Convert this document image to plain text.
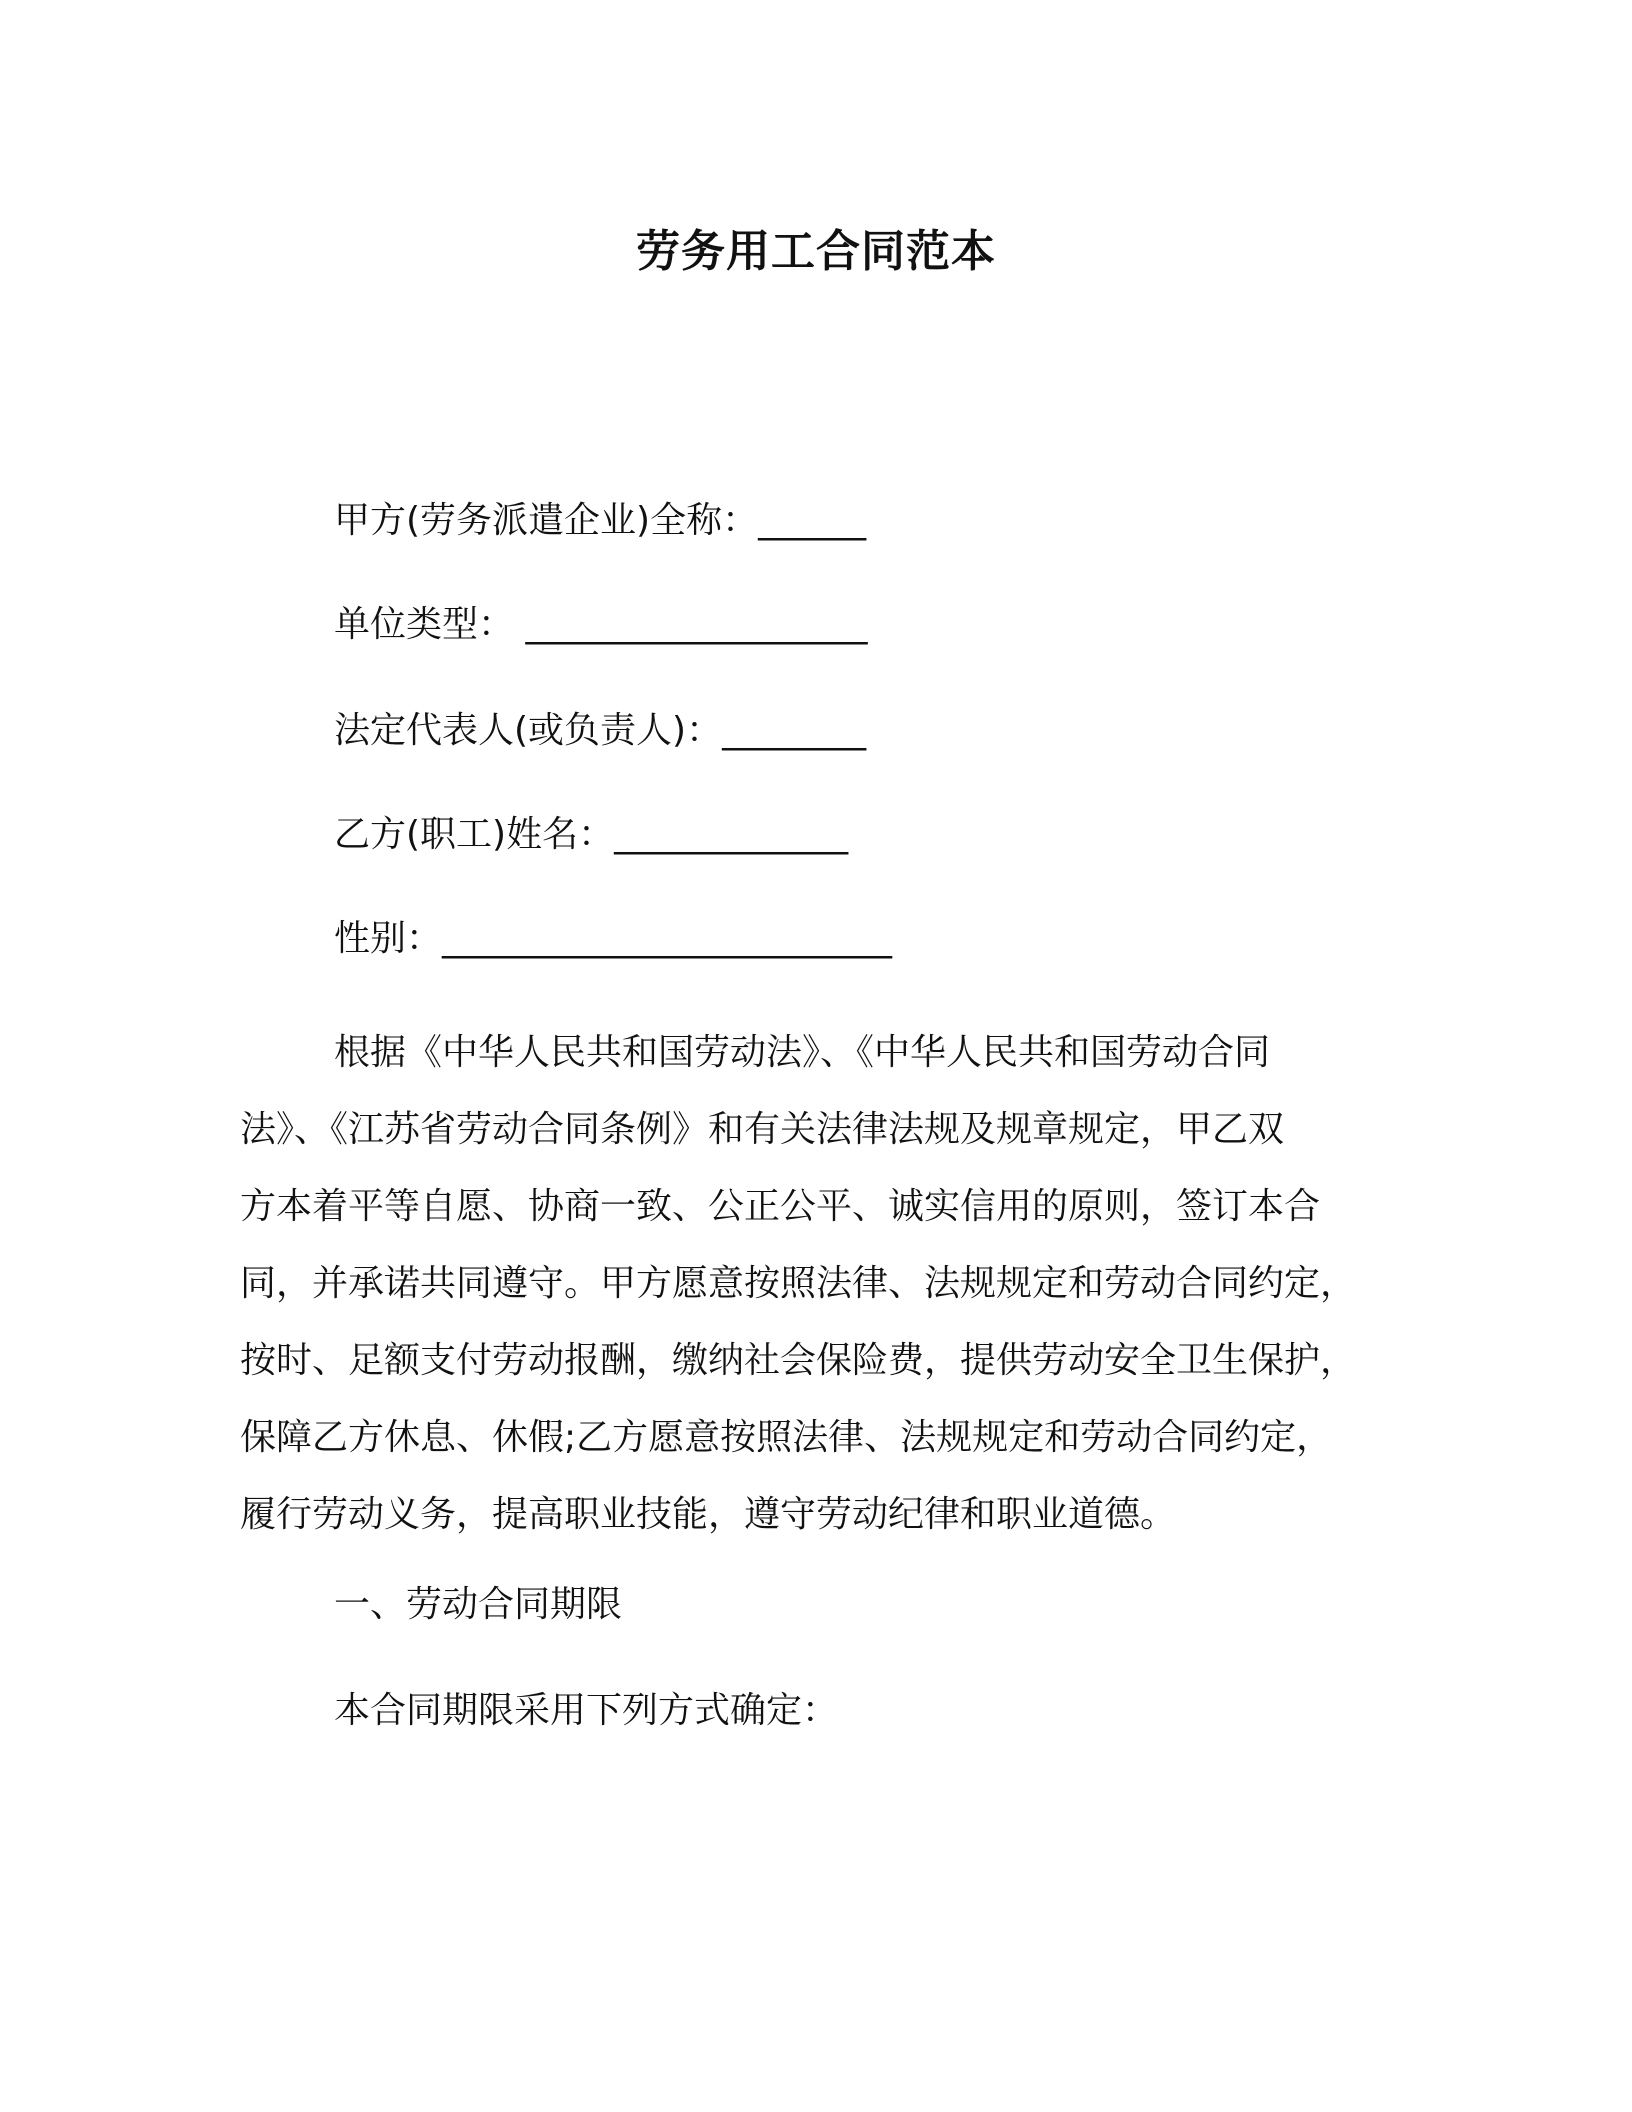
劳务用工合同范本
甲方(劳务派遣企业)全称：______
单位类型： ___________________
法定代表人(或负责人)：________
乙方(职工)姓名：_____________
性别：_________________________
根据《中华人民共和国劳动法》、《中华人民共和国劳动合同
法》、《江苏省劳动合同条例》和有关法律法规及规章规定，甲乙双
方本着平等自愿、协商一致、公正公平、诚实信用的原则，签订本合
同，并承诺共同遵守。甲方愿意按照法律、法规规定和劳动合同约定，
按时、足额支付劳动报酬，缴纳社会保险费，提供劳动安全卫生保护，
保障乙方休息、休假;乙方愿意按照法律、法规规定和劳动合同约定，
履行劳动义务，提高职业技能，遵守劳动纪律和职业道德。
一、劳动合同期限
本合同期限采用下列方式确定：
